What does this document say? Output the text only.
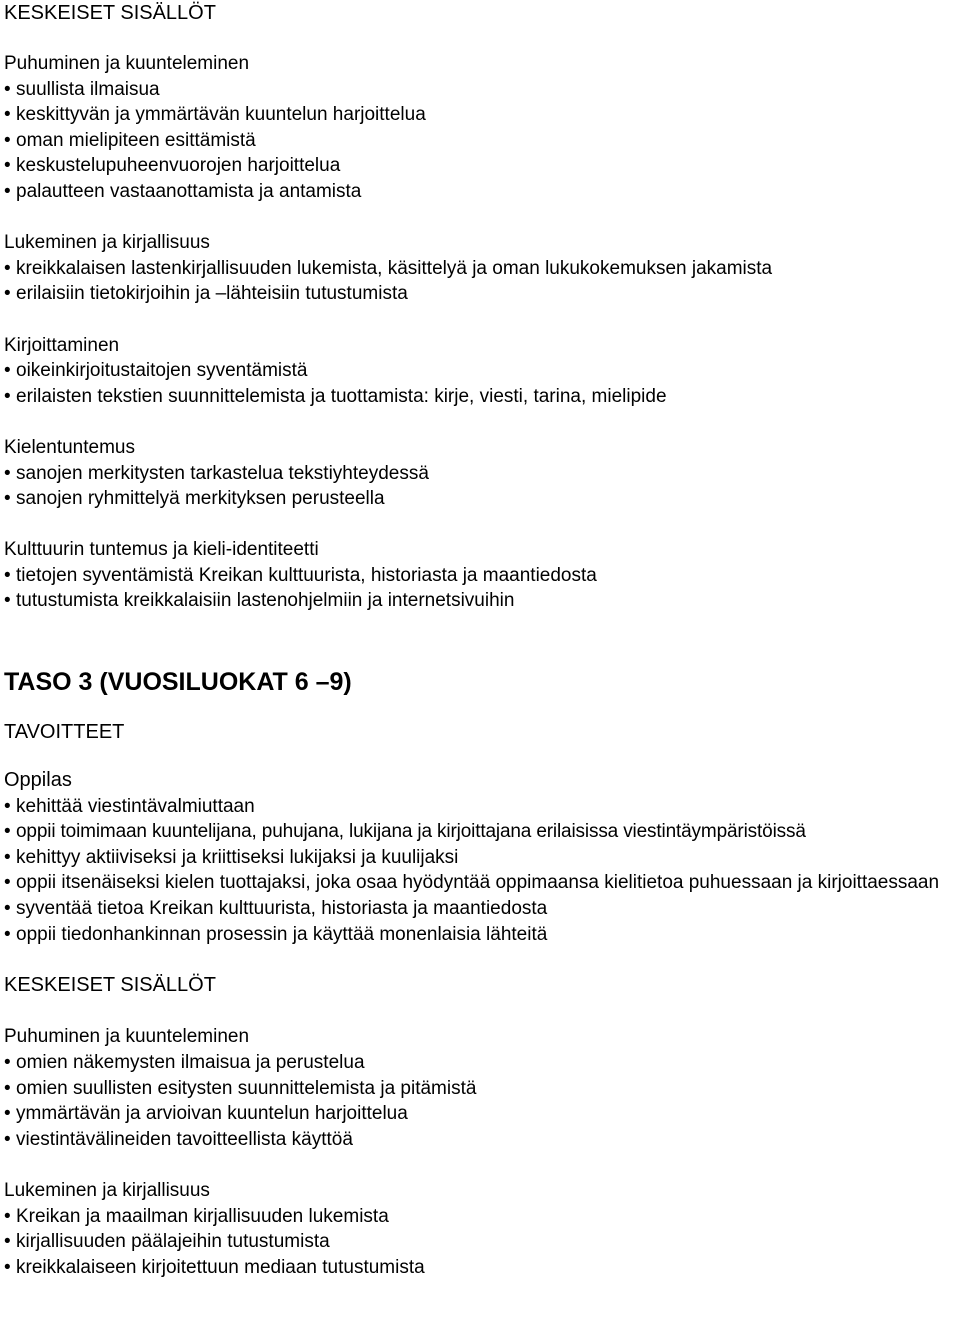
KESKEISET SISÄLLÖT
Puhuminen ja kuunteleminen
• suullista ilmaisua
• keskittyvän ja ymmärtävän kuuntelun harjoittelua
• oman mielipiteen esittämistä
• keskustelupuheenvuorojen harjoittelua
• palautteen vastaanottamista ja antamista
Lukeminen ja kirjallisuus
• kreikkalaisen lastenkirjallisuuden lukemista, käsittelyä ja oman lukukokemuksen jakamista
• erilaisiin tietokirjoihin ja –lähteisiin tutustumista
Kirjoittaminen
• oikeinkirjoitustaitojen syventämistä
• erilaisten tekstien suunnittelemista ja tuottamista: kirje, viesti, tarina, mielipide
Kielentuntemus
• sanojen merkitysten tarkastelua tekstiyhteydessä
• sanojen ryhmittelyä merkityksen perusteella
Kulttuurin tuntemus ja kieli-identiteetti
• tietojen syventämistä Kreikan kulttuurista, historiasta ja maantiedosta
• tutustumista kreikkalaisiin lastenohjelmiin ja internetsivuihin
TASO 3 (VUOSILUOKAT 6 –9)
TAVOITTEET
Oppilas
• kehittää viestintävalmiuttaan
• oppii toimimaan kuuntelijana, puhujana, lukijana ja kirjoittajana erilaisissa viestintäympäristöissä
• kehittyy aktiiviseksi ja kriittiseksi lukijaksi ja kuulijaksi
• oppii itsenäiseksi kielen tuottajaksi, joka osaa hyödyntää oppimaansa kielitietoa puhuessaan ja kirjoittaessaan
• syventää tietoa Kreikan kulttuurista, historiasta ja maantiedosta
• oppii tiedonhankinnan prosessin ja käyttää monenlaisia lähteitä
KESKEISET SISÄLLÖT
Puhuminen ja kuunteleminen
• omien näkemysten ilmaisua ja perustelua
• omien suullisten esitysten suunnittelemista ja pitämistä
• ymmärtävän ja arvioivan kuuntelun harjoittelua
• viestintävälineiden tavoitteellista käyttöä
Lukeminen ja kirjallisuus
• Kreikan ja maailman kirjallisuuden lukemista
• kirjallisuuden päälajeihin tutustumista
• kreikkalaiseen kirjoitettuun mediaan tutustumista
